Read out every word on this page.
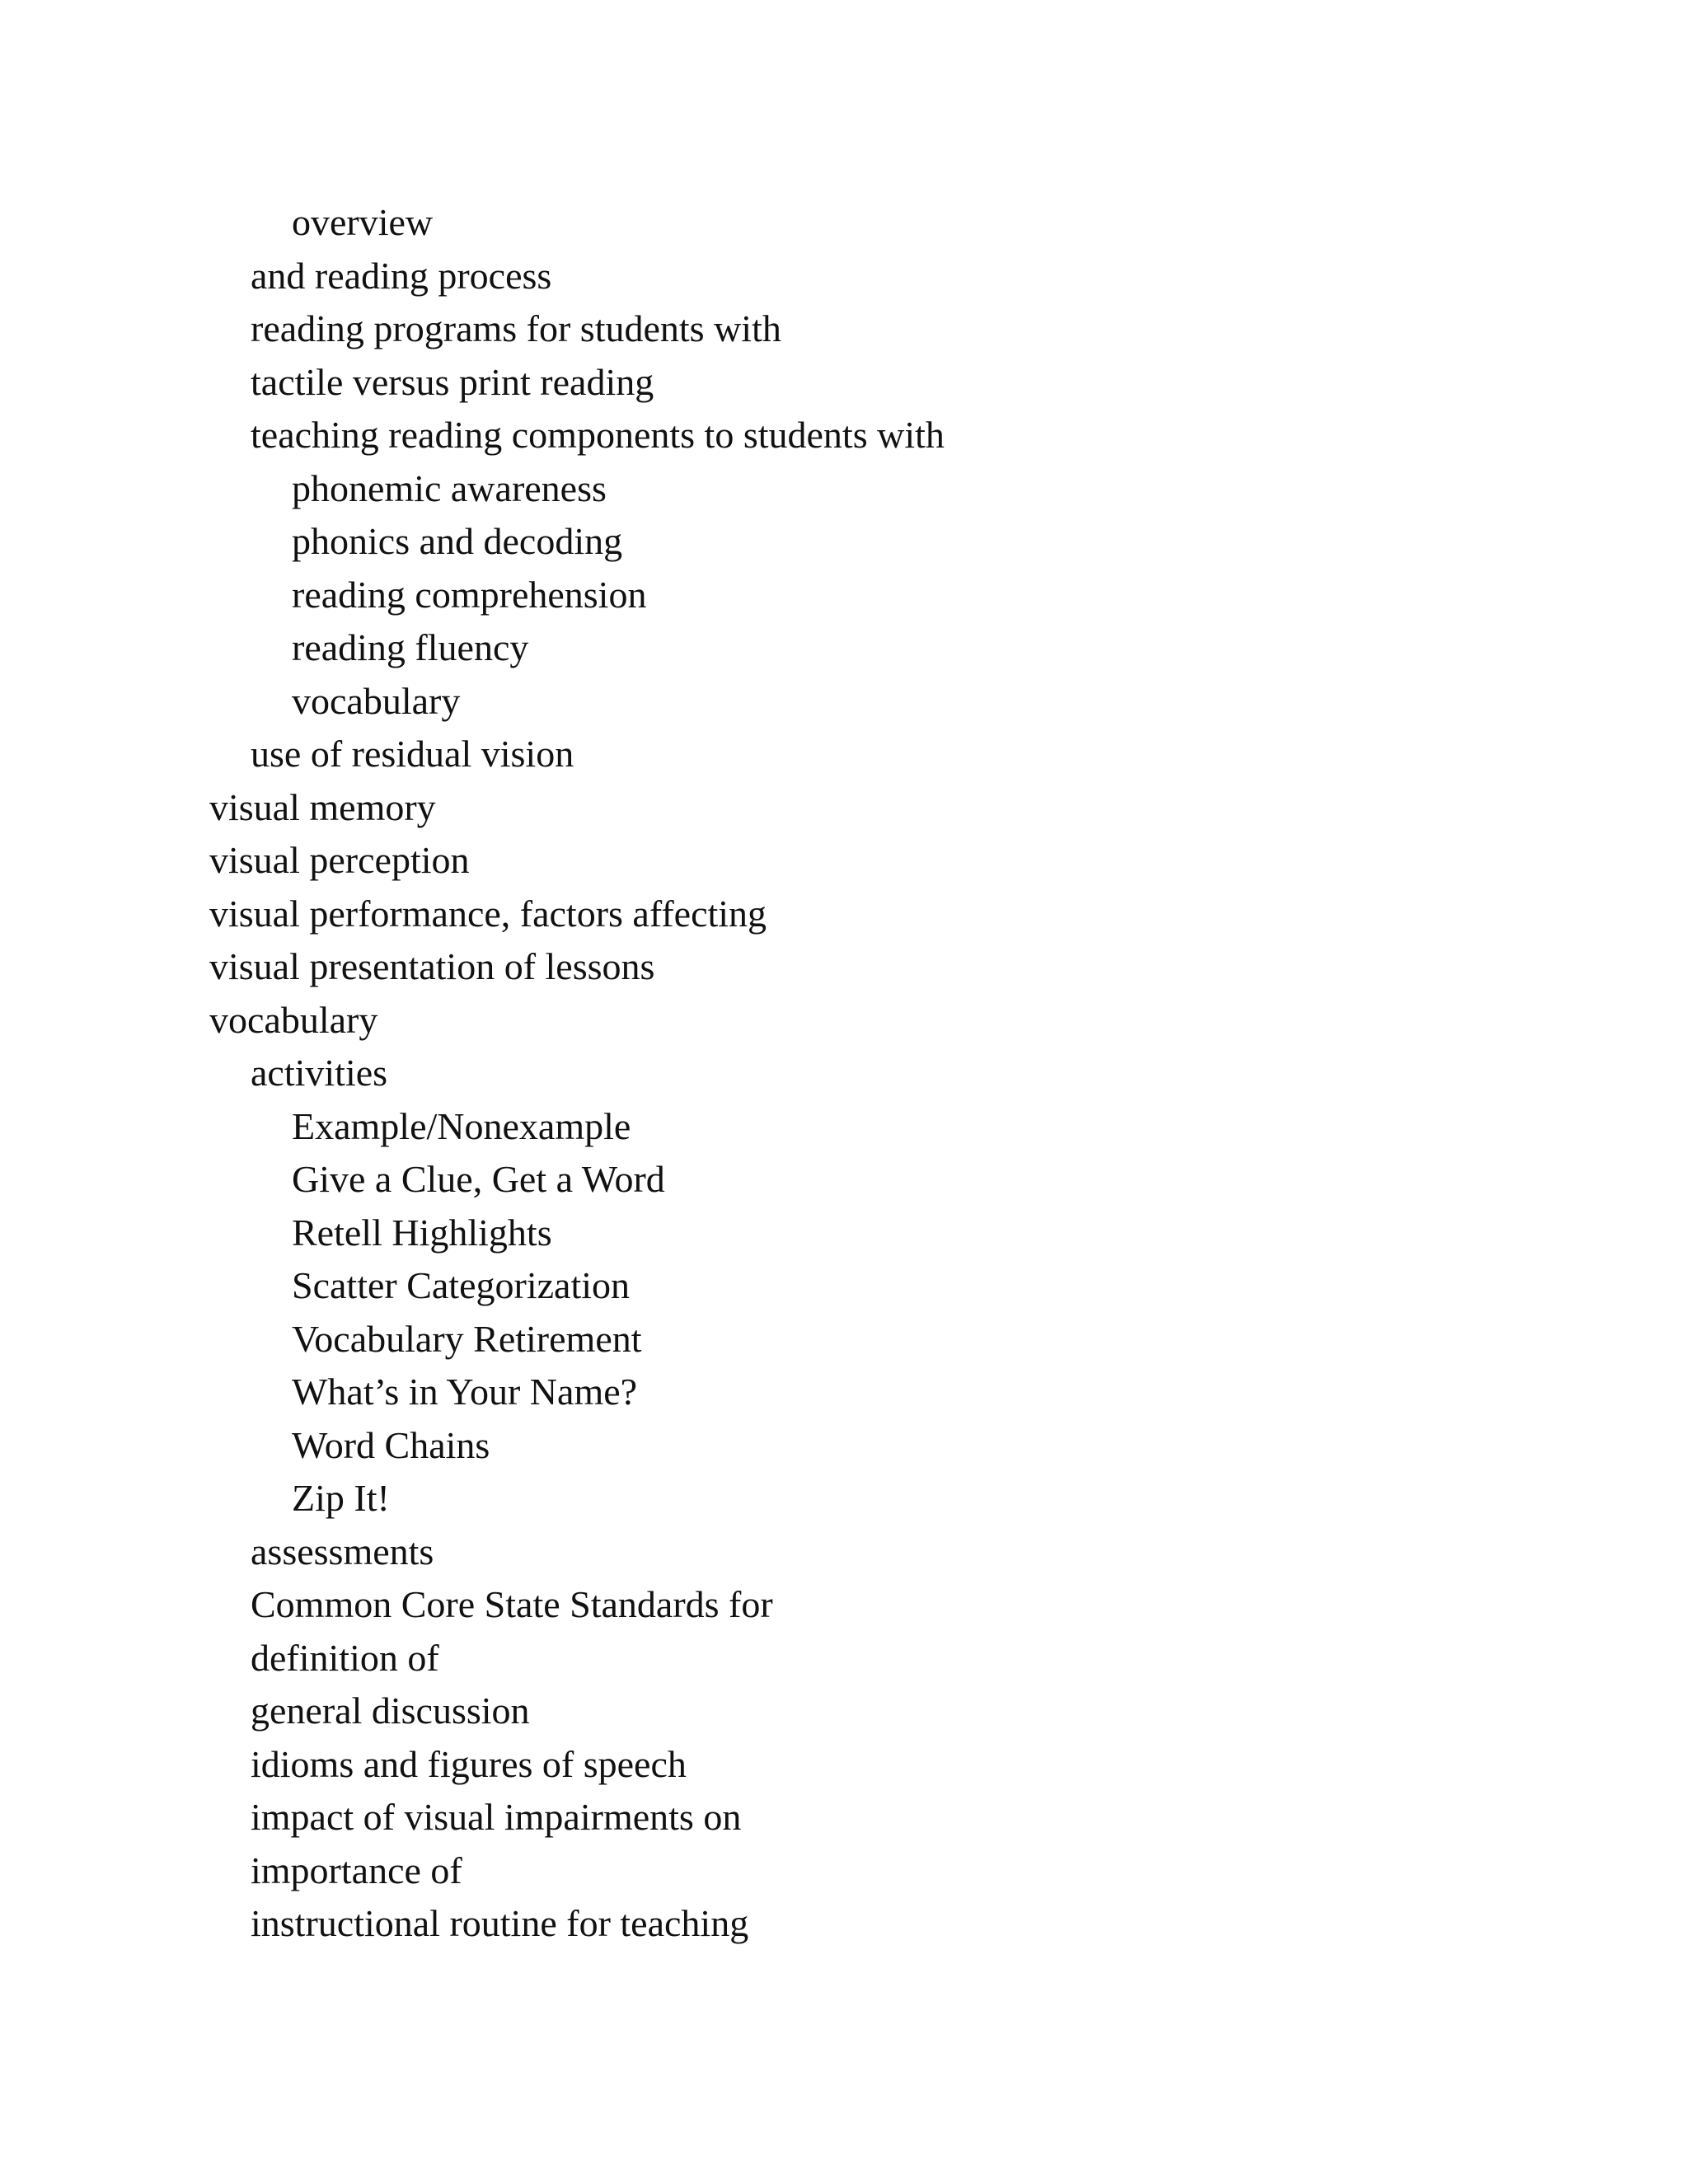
overview
and reading process
reading programs for students with
tactile versus print reading
teaching reading components to students with
phonemic awareness
phonics and decoding
reading comprehension
reading fluency
vocabulary
use of residual vision
visual memory
visual perception
visual performance, factors affecting
visual presentation of lessons
vocabulary
activities
Example/Nonexample
Give a Clue, Get a Word
Retell Highlights
Scatter Categorization
Vocabulary Retirement
What’s in Your Name?
Word Chains
Zip It!
assessments
Common Core State Standards for
definition of
general discussion
idioms and figures of speech
impact of visual impairments on
importance of
instructional routine for teaching
